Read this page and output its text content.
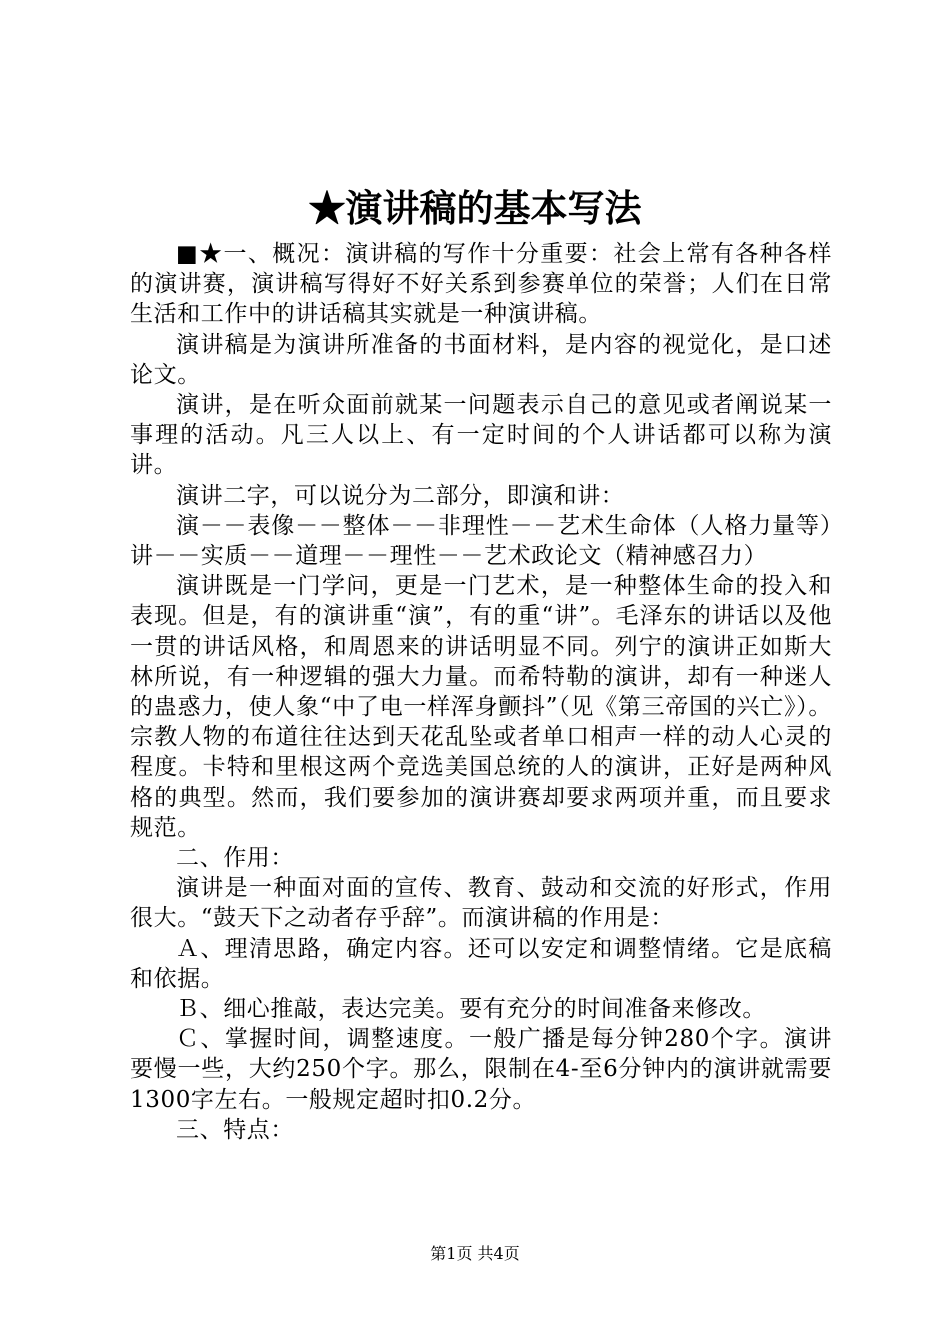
★演讲稿的基本写法

■★一、概况：演讲稿的写作十分重要：社会上常有各种各样的演讲赛，演讲稿写得好不好关系到参赛单位的荣誉；人们在日常生活和工作中的讲话稿其实就是一种演讲稿。

演讲稿是为演讲所准备的书面材料，是内容的视觉化，是口述论文。

演讲，是在听众面前就某一问题表示自己的意见或者阐说某一事理的活动。凡三人以上、有一定时间的个人讲话都可以称为演讲。

演讲二字，可以说分为二部分，即演和讲：

演－－表像－－整体－－非理性－－艺术生命体（人格力量等）讲－－实质－－道理－－理性－－艺术政论文（精神感召力）

演讲既是一门学问，更是一门艺术，是一种整体生命的投入和表现。但是，有的演讲重“演”，有的重“讲”。毛泽东的讲话以及他一贯的讲话风格，和周恩来的讲话明显不同。列宁的演讲正如斯大林所说，有一种逻辑的强大力量。而希特勒的演讲，却有一种迷人的蛊惑力，使人象“中了电一样浑身颤抖”（见《第三帝国的兴亡》）。宗教人物的布道往往达到天花乱坠或者单口相声一样的动人心灵的程度。卡特和里根这两个竞选美国总统的人的演讲，正好是两种风格的典型。然而，我们要参加的演讲赛却要求两项并重，而且要求规范。

二、作用：

演讲是一种面对面的宣传、教育、鼓动和交流的好形式，作用很大。“鼓天下之动者存乎辞”。而演讲稿的作用是：

Ａ、理清思路，确定内容。还可以安定和调整情绪。它是底稿和依据。

Ｂ、细心推敲，表达完美。要有充分的时间准备来修改。

Ｃ、掌握时间，调整速度。一般广播是每分钟280个字。演讲要慢一些，大约250个字。那么，限制在4-至6分钟内的演讲就需要1300字左右。一般规定超时扣0.2分。

三、特点：

第1页 共4页
